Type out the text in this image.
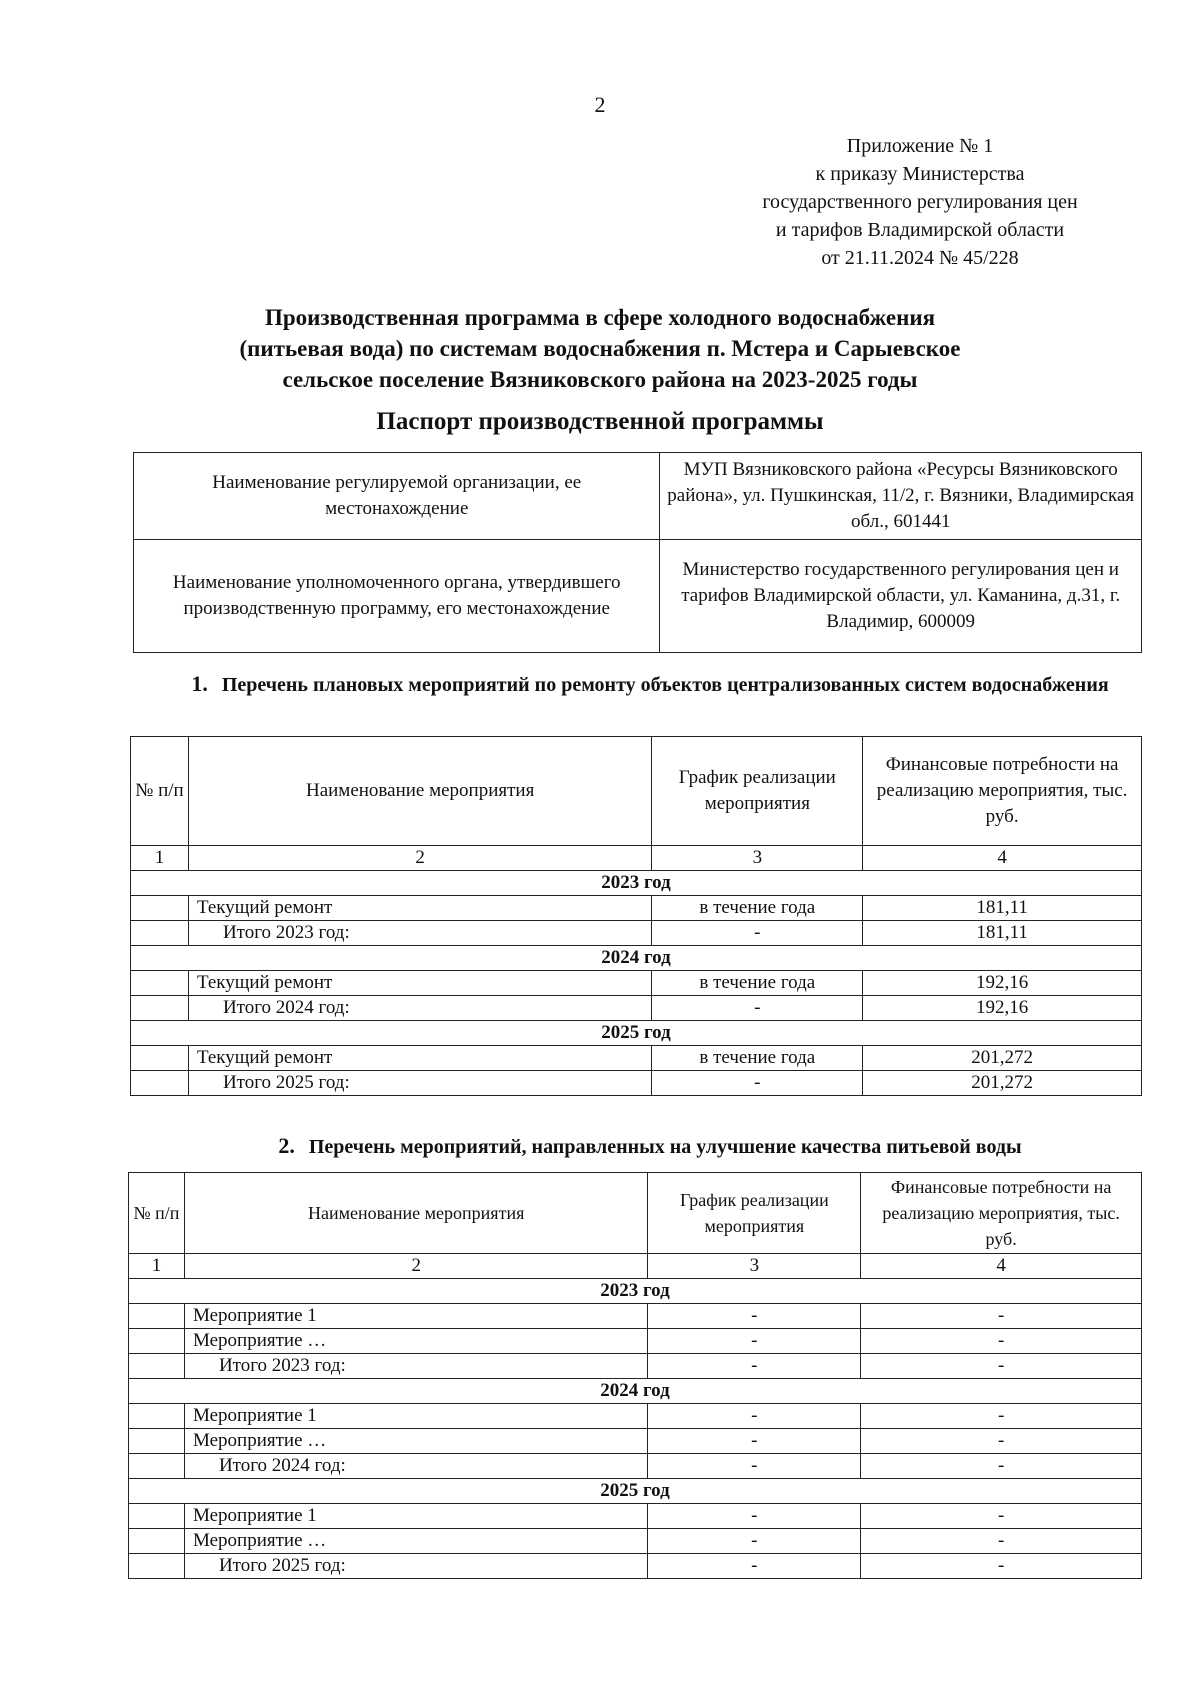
2
Приложение № 1
к приказу Министерства
государственного регулирования цен
и тарифов Владимирской области
от 21.11.2024 № 45/228
Производственная программа в сфере холодного водоснабжения
(питьевая вода) по системам водоснабжения п. Мстера и Сарыевское
сельское поселение Вязниковского района на 2023-2025 годы
Паспорт производственной программы
Наименование регулируемой организации, ее местонахождение	МУП Вязниковского района «Ресурсы Вязниковского района», ул. Пушкинская, 11/2, г. Вязники, Владимирская обл., 601441
Наименование уполномоченного органа, утвердившего производственную программу, его местонахождение	Министерство государственного регулирования цен и тарифов Владимирской области, ул. Каманина, д.31, г. Владимир, 600009
1. Перечень плановых мероприятий по ремонту объектов централизованных систем водоснабжения
№ п/п	Наименование мероприятия	График реализации мероприятия	Финансовые потребности на реализацию мероприятия, тыс. руб.
1	2	3	4
2023 год			
	Текущий ремонт	в течение года	181,11
	Итого 2023 год:	-	181,11
2024 год			
	Текущий ремонт	в течение года	192,16
	Итого 2024 год:	-	192,16
2025 год			
	Текущий ремонт	в течение года	201,272
	Итого 2025 год:	-	201,272
2. Перечень мероприятий, направленных на улучшение качества питьевой воды
№ п/п	Наименование мероприятия	График реализации мероприятия	Финансовые потребности на реализацию мероприятия, тыс. руб.
1	2	3	4
2023 год			
	Мероприятие 1	-	-
	Мероприятие …	-	-
	Итого 2023 год:	-	-
2024 год			
	Мероприятие 1	-	-
	Мероприятие …	-	-
	Итого 2024 год:	-	-
2025 год			
	Мероприятие 1	-	-
	Мероприятие …	-	-
	Итого 2025 год:	-	-
